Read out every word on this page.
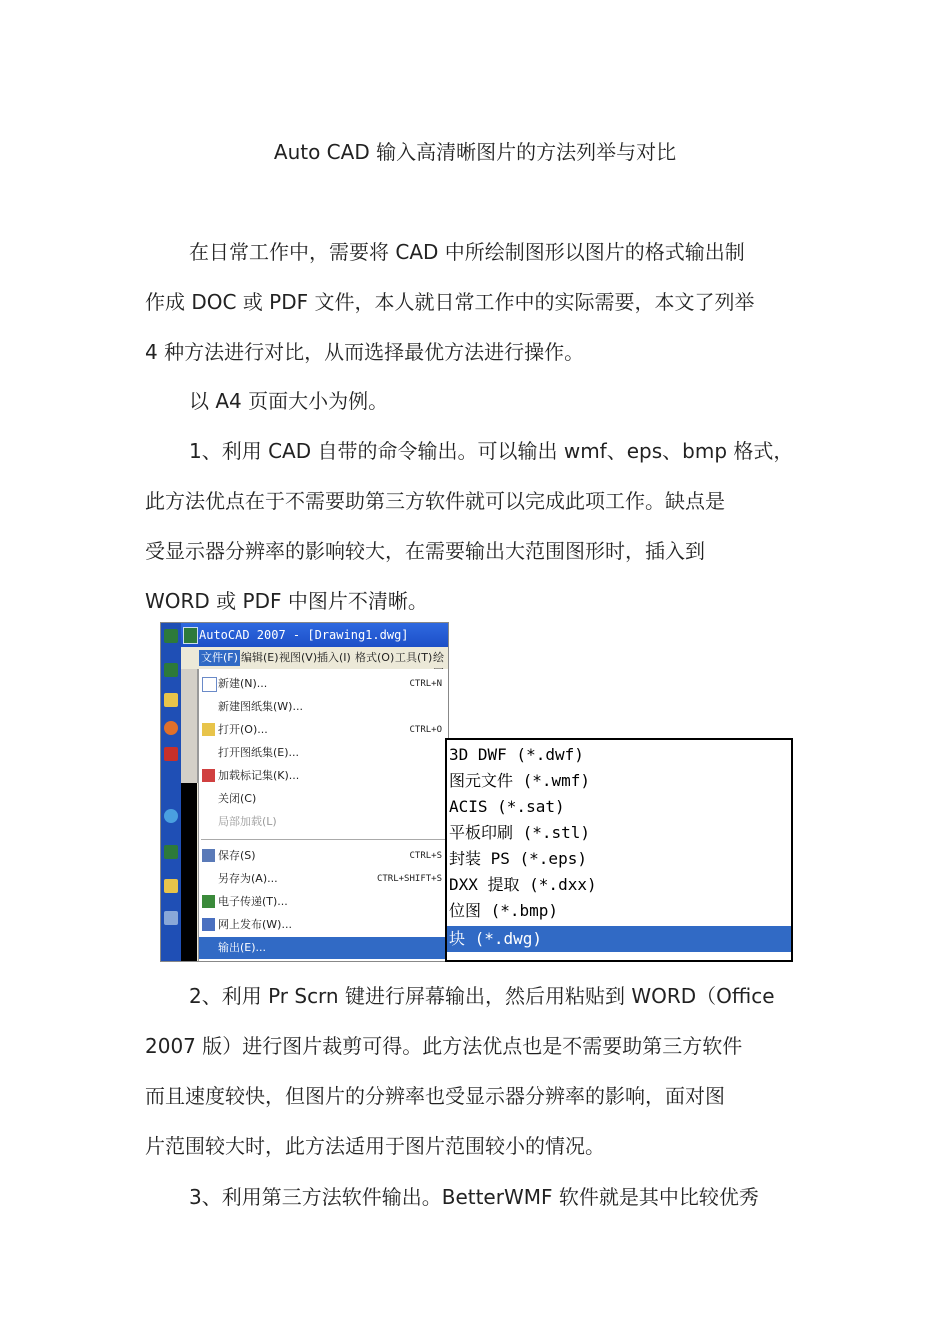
Auto CAD 输入高清晰图片的方法列举与对比
在日常工作中，需要将 CAD 中所绘制图形以图片的格式输出制
作成 DOC 或 PDF 文件，本人就日常工作中的实际需要，本文了列举
4 种方法进行对比，从而选择最优方法进行操作。
以 A4 页面大小为例。
1、利用 CAD 自带的命令输出。可以输出 wmf、eps、bmp 格式，
此方法优点在于不需要助第三方软件就可以完成此项工作。缺点是
受显示器分辨率的影响较大，在需要输出大范围图形时，插入到
WORD 或 PDF 中图片不清晰。
AutoCAD 2007 - [Drawing1.dwg]
文件(F) 编辑(E) 视图(V) 插入(I) 格式(O) 工具(T) 绘
新建(N)...	CTRL+N
新建图纸集(W)...
打开(O)...	CTRL+O
打开图纸集(E)...
加载标记集(K)...
关闭(C)
局部加载(L)
保存(S)	CTRL+S
另存为(A)...	CTRL+SHIFT+S
电子传递(T)...
网上发布(W)...
输出(E)...
3D DWF (*.dwf)
图元文件 (*.wmf)
ACIS (*.sat)
平板印刷 (*.stl)
封装 PS (*.eps)
DXX 提取 (*.dxx)
位图 (*.bmp)
块 (*.dwg)
2、利用 Pr Scrn 键进行屏幕输出，然后用粘贴到 WORD（Office
2007 版）进行图片裁剪可得。此方法优点也是不需要助第三方软件
而且速度较快，但图片的分辨率也受显示器分辨率的影响，面对图
片范围较大时，此方法适用于图片范围较小的情况。
3、利用第三方法软件输出。BetterWMF 软件就是其中比较优秀
